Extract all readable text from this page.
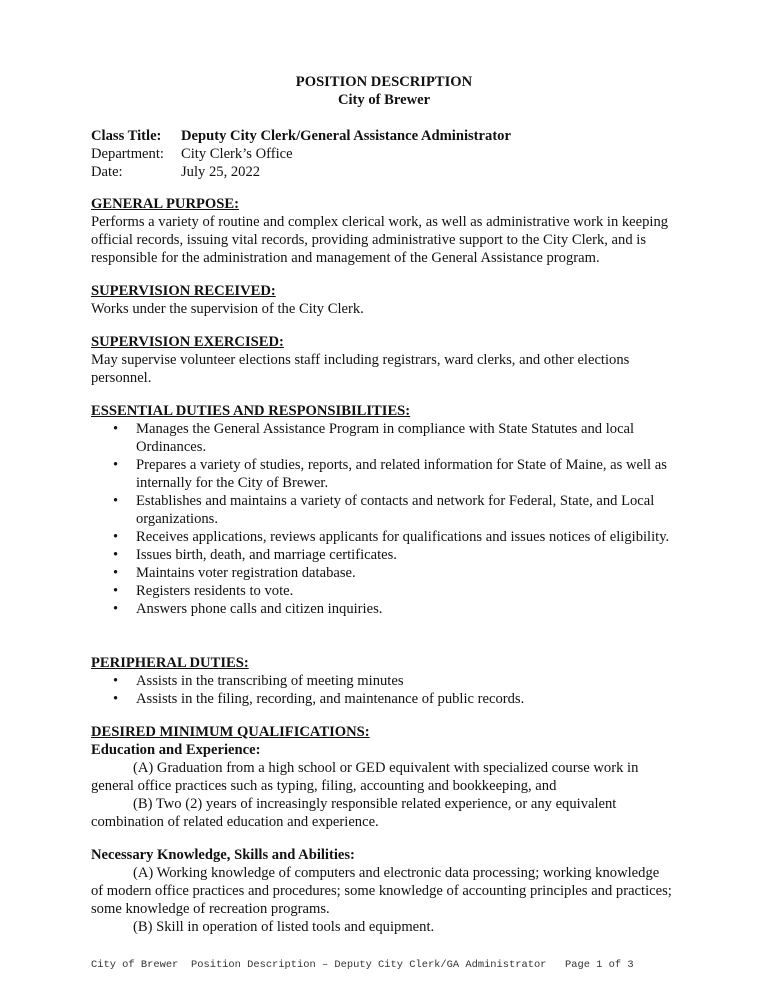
POSITION DESCRIPTION
City of Brewer
Class Title:	Deputy City Clerk/General Assistance Administrator
Department:	City Clerk’s Office
Date:	July 25, 2022
GENERAL PURPOSE:
Performs a variety of routine and complex clerical work, as well as administrative work in keeping
official records, issuing vital records, providing administrative support to the City Clerk, and is
responsible for the administration and management of the General Assistance program.
SUPERVISION RECEIVED:
Works under the supervision of the City Clerk.
SUPERVISION EXERCISED:
May supervise volunteer elections staff including registrars, ward clerks, and other elections
personnel.
ESSENTIAL DUTIES AND RESPONSIBILITIES:
• Manages the General Assistance Program in compliance with State Statutes and local
Ordinances.
• Prepares a variety of studies, reports, and related information for State of Maine, as well as
internally for the City of Brewer.
• Establishes and maintains a variety of contacts and network for Federal, State, and Local
organizations.
• Receives applications, reviews applicants for qualifications and issues notices of eligibility.
• Issues birth, death, and marriage certificates.
• Maintains voter registration database.
• Registers residents to vote.
• Answers phone calls and citizen inquiries.
PERIPHERAL DUTIES:
• Assists in the transcribing of meeting minutes
• Assists in the filing, recording, and maintenance of public records.
DESIRED MINIMUM QUALIFICATIONS:
Education and Experience:
(A) Graduation from a high school or GED equivalent with specialized course work in
general office practices such as typing, filing, accounting and bookkeeping, and
(B) Two (2) years of increasingly responsible related experience, or any equivalent
combination of related education and experience.
Necessary Knowledge, Skills and Abilities:
(A) Working knowledge of computers and electronic data processing; working knowledge
of modern office practices and procedures; some knowledge of accounting principles and practices;
some knowledge of recreation programs.
(B) Skill in operation of listed tools and equipment.
City of Brewer	Position Description – Deputy City Clerk/GA Administrator	Page 1 of 3
